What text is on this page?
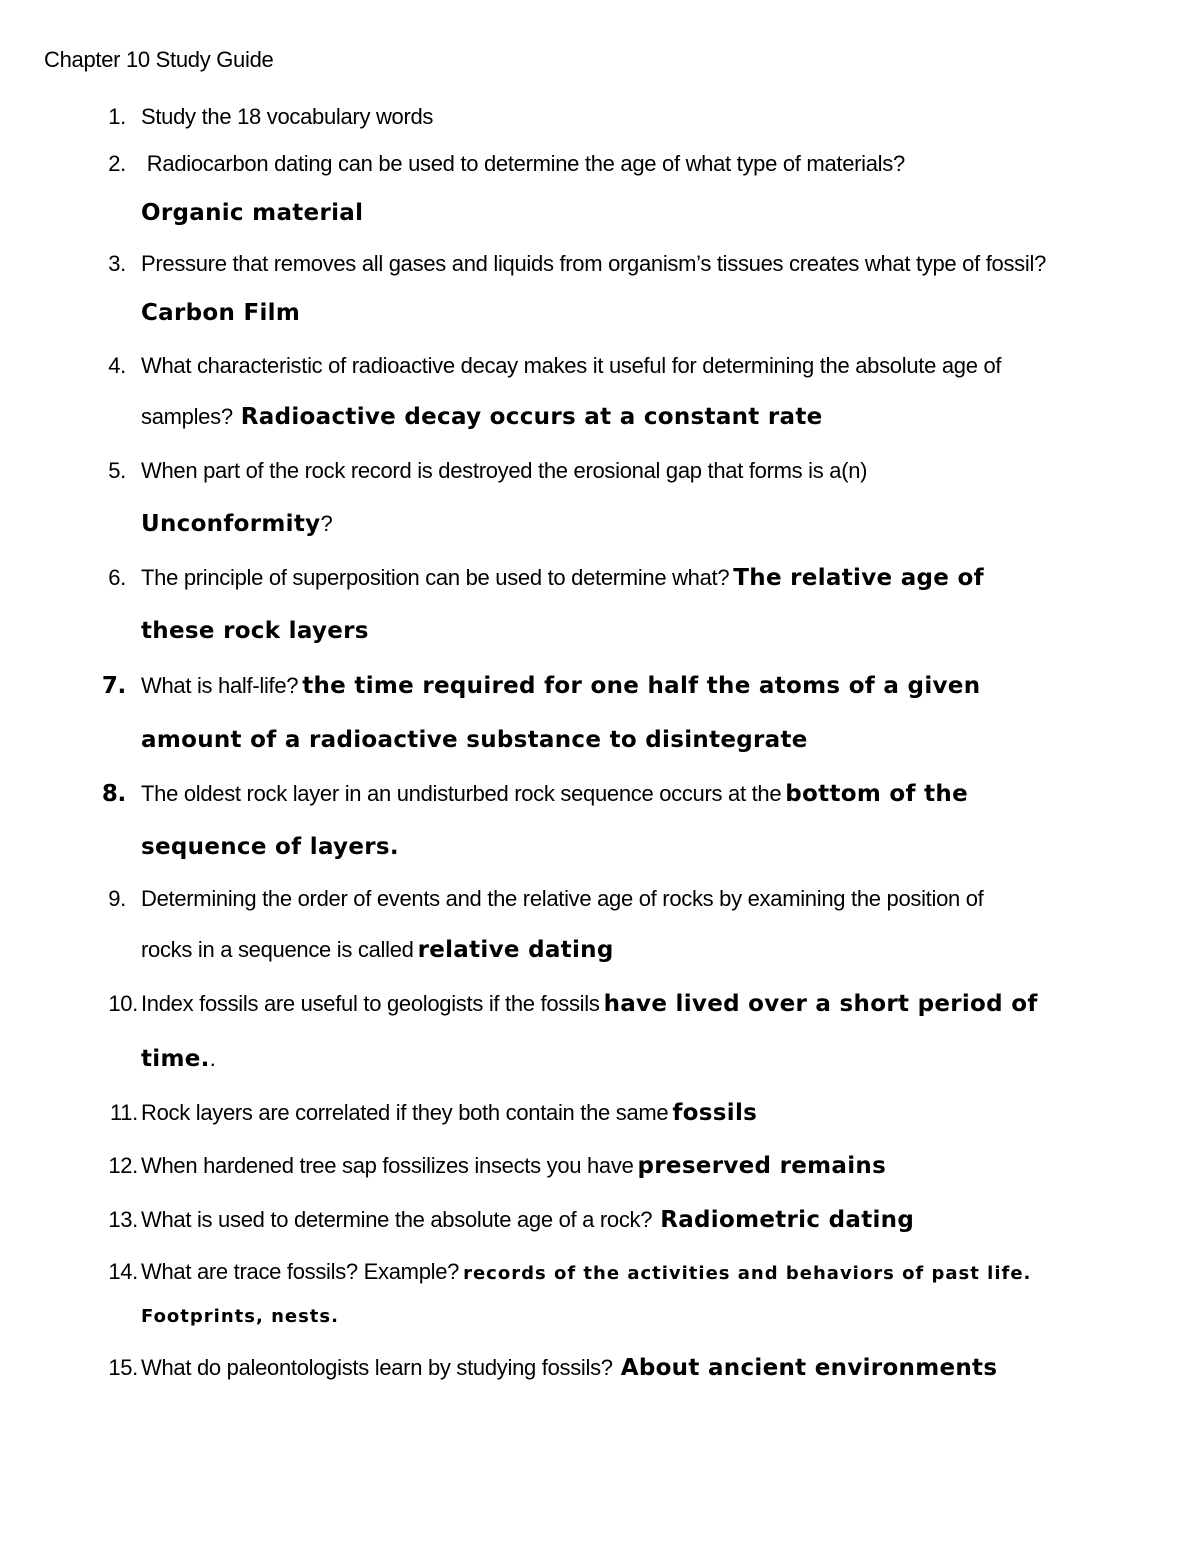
Chapter 10 Study Guide
1. Study the 18 vocabulary words
2. Radiocarbon dating can be used to determine the age of what type of materials?
Organic material
3. Pressure that removes all gases and liquids from organism’s tissues creates what type of fossil?
Carbon Film
4. What characteristic of radioactive decay makes it useful for determining the absolute age of
samples? Radioactive decay occurs at a constant rate
5. When part of the rock record is destroyed the erosional gap that forms is a(n)
Unconformity?
6. The principle of superposition can be used to determine what? The relative age of
these rock layers
7. What is half-life? the time required for one half the atoms of a given
amount of a radioactive substance to disintegrate
8. The oldest rock layer in an undisturbed rock sequence occurs at the bottom of the
sequence of layers.
9. Determining the order of events and the relative age of rocks by examining the position of
rocks in a sequence is called relative dating
10. Index fossils are useful to geologists if the fossils have lived over a short period of
time..
11. Rock layers are correlated if they both contain the same fossils
12. When hardened tree sap fossilizes insects you have preserved remains
13. What is used to determine the absolute age of a rock? Radiometric dating
14. What are trace fossils? Example? records of the activities and behaviors of past life.
Footprints, nests.
15. What do paleontologists learn by studying fossils? About ancient environments
